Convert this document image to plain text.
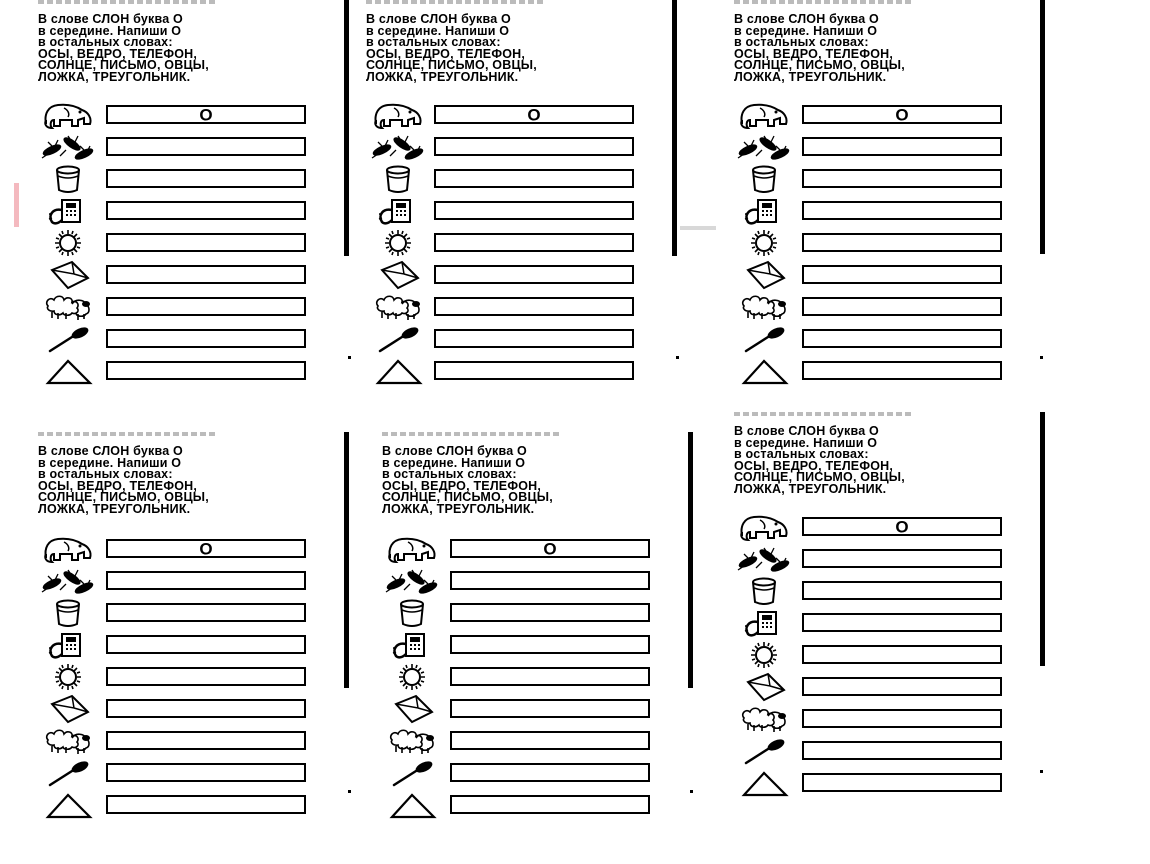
В слове СЛОН буква О
в середине. Напиши О
в остальных словах:
ОСЫ, ВЕДРО, ТЕЛЕФОН,
СОЛНЦЕ, ПИСЬМО, ОВЦЫ,
ЛОЖКА, ТРЕУГОЛЬНИК.
О
В слове СЛОН буква О
в середине. Напиши О
в остальных словах:
ОСЫ, ВЕДРО, ТЕЛЕФОН,
СОЛНЦЕ, ПИСЬМО, ОВЦЫ,
ЛОЖКА, ТРЕУГОЛЬНИК.
О
В слове СЛОН буква О
в середине. Напиши О
в остальных словах:
ОСЫ, ВЕДРО, ТЕЛЕФОН,
СОЛНЦЕ, ПИСЬМО, ОВЦЫ,
ЛОЖКА, ТРЕУГОЛЬНИК.
О
В слове СЛОН буква О
в середине. Напиши О
в остальных словах:
ОСЫ, ВЕДРО, ТЕЛЕФОН,
СОЛНЦЕ, ПИСЬМО, ОВЦЫ,
ЛОЖКА, ТРЕУГОЛЬНИК.
О
В слове СЛОН буква О
в середине. Напиши О
в остальных словах:
ОСЫ, ВЕДРО, ТЕЛЕФОН,
СОЛНЦЕ, ПИСЬМО, ОВЦЫ,
ЛОЖКА, ТРЕУГОЛЬНИК.
О
В слове СЛОН буква О
в середине. Напиши О
в остальных словах:
ОСЫ, ВЕДРО, ТЕЛЕФОН,
СОЛНЦЕ, ПИСЬМО, ОВЦЫ,
ЛОЖКА, ТРЕУГОЛЬНИК.
О
